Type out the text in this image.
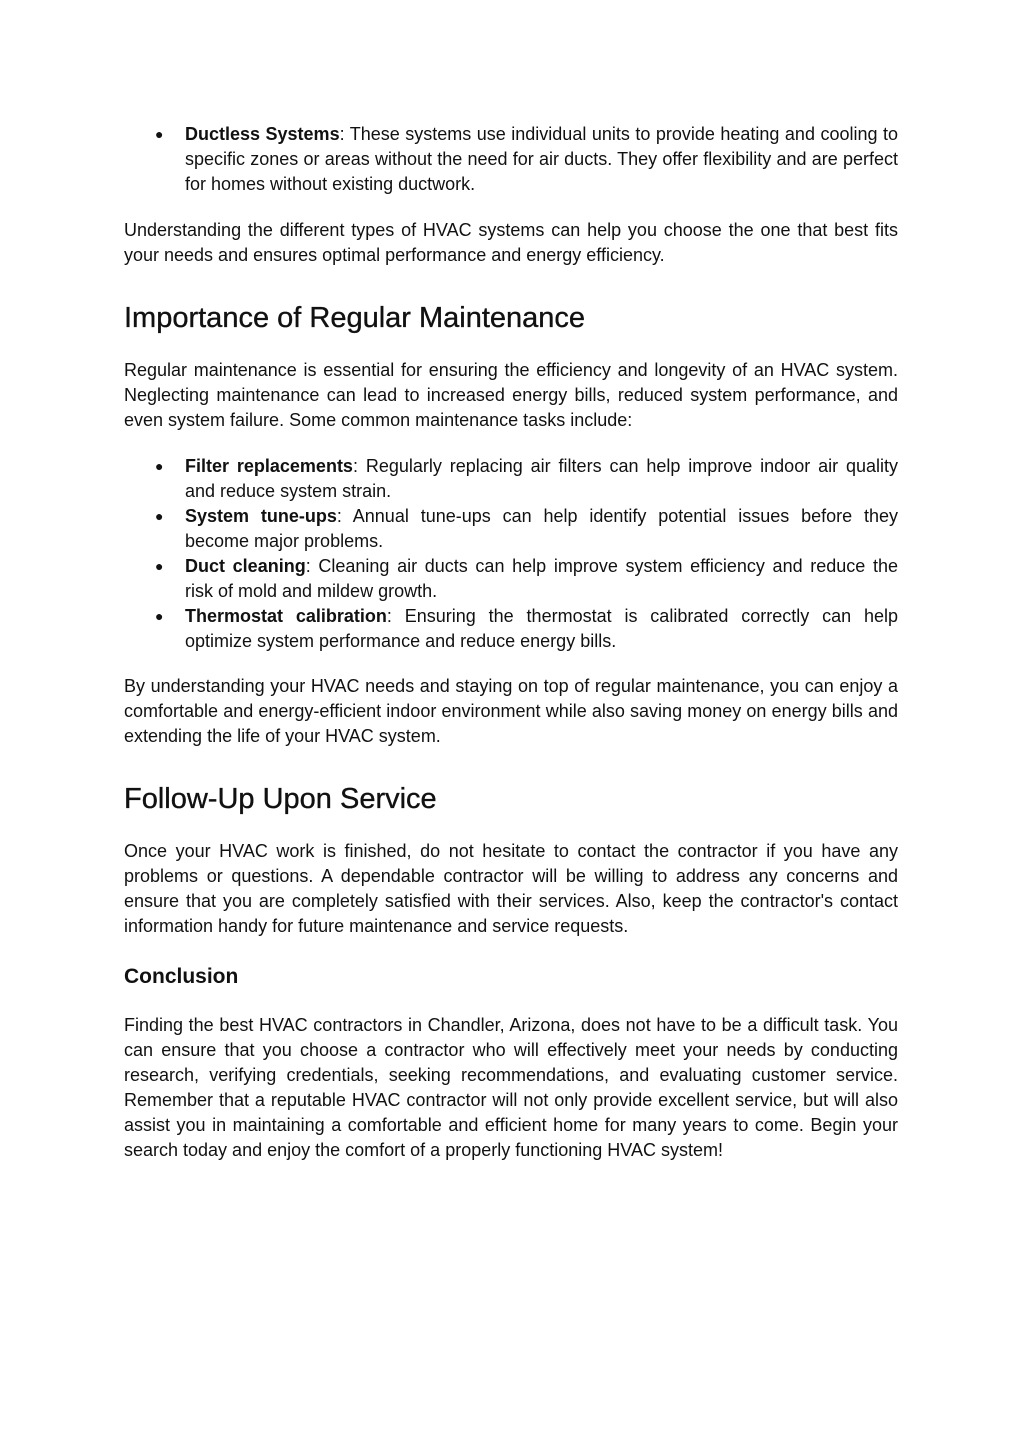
● Ductless Systems: These systems use individual units to provide heating and cooling to specific zones or areas without the need for air ducts. They offer flexibility and are perfect for homes without existing ductwork.

Understanding the different types of HVAC systems can help you choose the one that best fits your needs and ensures optimal performance and energy efficiency.

Importance of Regular Maintenance

Regular maintenance is essential for ensuring the efficiency and longevity of an HVAC system. Neglecting maintenance can lead to increased energy bills, reduced system performance, and even system failure. Some common maintenance tasks include:

● Filter replacements: Regularly replacing air filters can help improve indoor air quality and reduce system strain.
● System tune-ups: Annual tune-ups can help identify potential issues before they become major problems.
● Duct cleaning: Cleaning air ducts can help improve system efficiency and reduce the risk of mold and mildew growth.
● Thermostat calibration: Ensuring the thermostat is calibrated correctly can help optimize system performance and reduce energy bills.

By understanding your HVAC needs and staying on top of regular maintenance, you can enjoy a comfortable and energy-efficient indoor environment while also saving money on energy bills and extending the life of your HVAC system.

Follow-Up Upon Service

Once your HVAC work is finished, do not hesitate to contact the contractor if you have any problems or questions. A dependable contractor will be willing to address any concerns and ensure that you are completely satisfied with their services. Also, keep the contractor's contact information handy for future maintenance and service requests.

Conclusion

Finding the best HVAC contractors in Chandler, Arizona, does not have to be a difficult task. You can ensure that you choose a contractor who will effectively meet your needs by conducting research, verifying credentials, seeking recommendations, and evaluating customer service. Remember that a reputable HVAC contractor will not only provide excellent service, but will also assist you in maintaining a comfortable and efficient home for many years to come. Begin your search today and enjoy the comfort of a properly functioning HVAC system!
